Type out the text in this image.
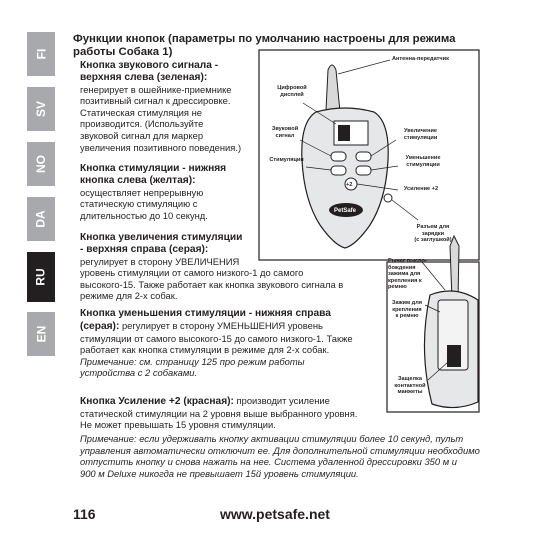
FI
SV
NO
DA
RU
EN
Функции кнопок (параметры по умолчанию настроены для режима работы Собака 1)
Кнопка звукового сигнала -
верхняя слева (зеленая):
генерирует в ошейнике-приемнике
позитивный сигнал к дрессировке.
Статическая стимуляция не
производится. (Используйте
звуковой сигнал для маркер
увеличения позитивного поведения.)
Кнопка стимуляции - нижняя
кнопка слева (желтая):
осуществляет непрерывную
статическую стимуляцию с
длительностью до 10 секунд.
Кнопка увеличения стимуляции
- верхняя справа (серая):
регулирует в сторону УВЕЛИЧЕНИЯ
уровень стимуляции от самого низкого-1 до самого
высокого-15. Также работает как кнопка звукового сигнала в
режиме для 2-х собак.
Кнопка уменьшения стимуляции - нижняя справа
(серая): регулирует в сторону УМЕНЬШЕНИЯ уровень
стимуляции от самого высокого-15 до самого низкого-1. Также
работает как кнопка стимуляции в режиме для 2-х собак.
Примечание: см. страницу 125 про режим работы
устройства с 2 собаками.
Кнопка Усиление +2 (красная): производит усиление
статической стимуляции на 2 уровня выше выбранного уровня.
Не может превышать 15 уровня стимуляции.
Примечание: если удерживать кнопку активации стимуляции более 10 секунд, пульт
управления автоматически отключит ее. Для дополнительной стимуляции необходимо
отпустить кнопку и снова нажать на нее. Система удаленной дрессировки 350 м и
900 м Deluxe никогда не превышает 15й уровень стимуляции.
+2
PetSafe
Антенна-передатчик
Цифровой
дисплей
Звуковой
сигнал
Стимуляция
Увеличение
стимуляции
Уменьшение
стимуляции
Усиление +2
Разъем для
зарядки
(с заглушкой)
Рычаг высво-
бождения
зажима для
крепления к
ремню
Зажим для
крепления
к ремню
Защелка
контактной
манжеты
116	www.petsafe.net
